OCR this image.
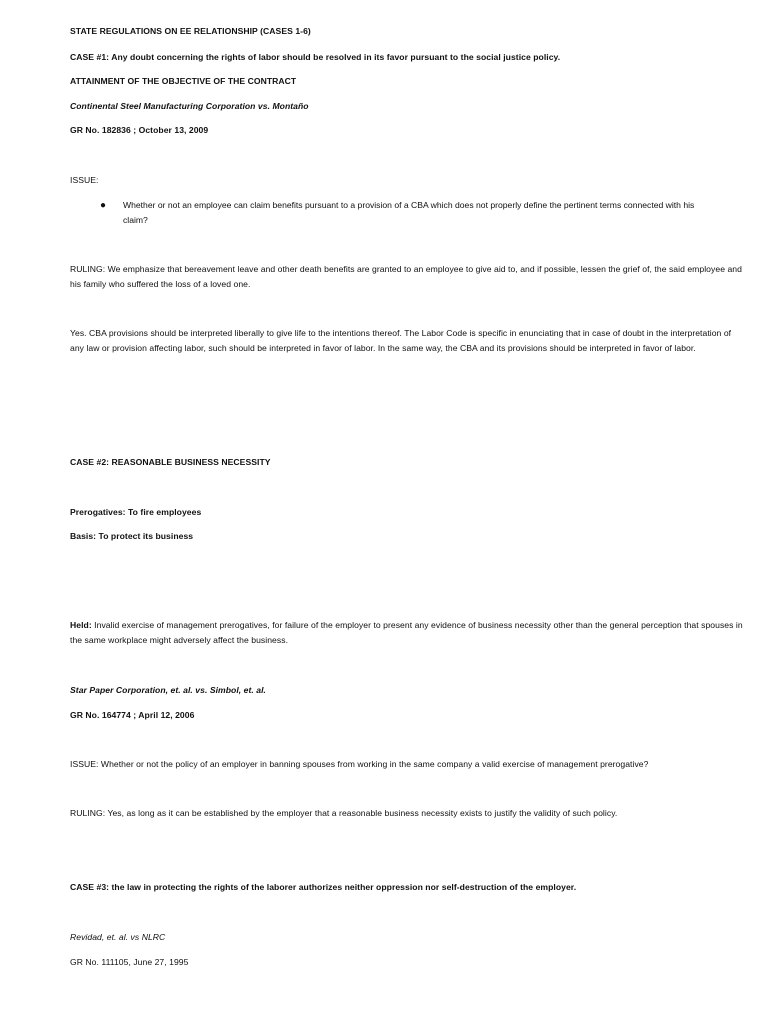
STATE REGULATIONS ON EE RELATIONSHIP (CASES 1-6)
CASE #1: Any doubt concerning the rights of labor should be resolved in its favor pursuant to the social justice policy.
ATTAINMENT OF THE OBJECTIVE OF THE CONTRACT
Continental Steel Manufacturing Corporation vs. Montaño
GR No. 182836 ; October 13, 2009
ISSUE:
● Whether or not an employee can claim benefits pursuant to a provision of a CBA which does not properly define the pertinent terms connected with his claim?
RULING: We emphasize that bereavement leave and other death benefits are granted to an employee to give aid to, and if possible, lessen the grief of, the said employee and his family who suffered the loss of a loved one.
Yes. CBA provisions should be interpreted liberally to give life to the intentions thereof. The Labor Code is specific in enunciating that in case of doubt in the interpretation of any law or provision affecting labor, such should be interpreted in favor of labor. In the same way, the CBA and its provisions should be interpreted in favor of labor.
CASE #2: REASONABLE BUSINESS NECESSITY
Prerogatives: To fire employees
Basis: To protect its business
Held: Invalid exercise of management prerogatives, for failure of the employer to present any evidence of business necessity other than the general perception that spouses in the same workplace might adversely affect the business.
Star Paper Corporation, et. al. vs. Simbol, et. al.
GR No. 164774 ; April 12, 2006
ISSUE: Whether or not the policy of an employer in banning spouses from working in the same company a valid exercise of management prerogative?
RULING: Yes, as long as it can be established by the employer that a reasonable business necessity exists to justify the validity of such policy.
CASE #3: the law in protecting the rights of the laborer authorizes neither oppression nor self-destruction of the employer.
Revidad, et. al. vs NLRC
GR No. 111105, June 27, 1995
